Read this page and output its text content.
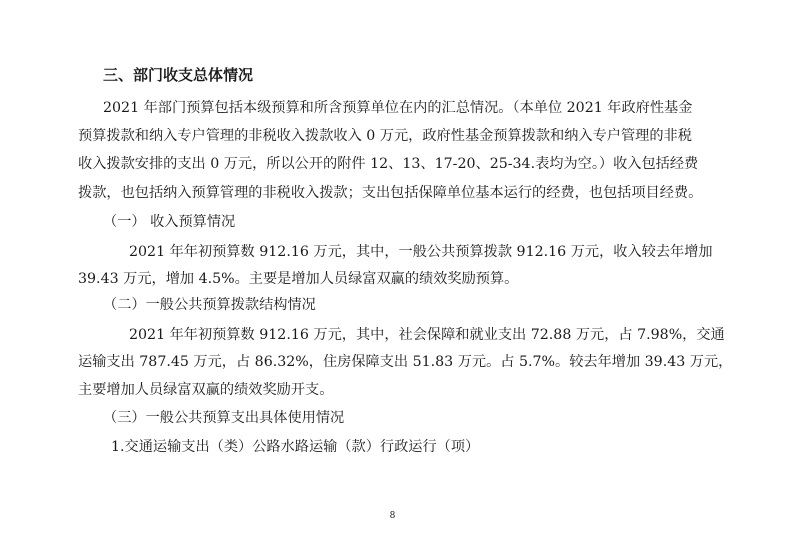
三、部门收支总体情况
2021 年部门预算包括本级预算和所含预算单位在内的汇总情况。（本单位 2021 年政府性基金
预算拨款和纳入专户管理的非税收入拨款收入 0 万元，政府性基金预算拨款和纳入专户管理的非税
收入拨款安排的支出 0 万元，所以公开的附件 12、13、17-20、25-34.表均为空。）收入包括经费
拨款，也包括纳入预算管理的非税收入拨款；支出包括保障单位基本运行的经费，也包括项目经费。
（一） 收入预算情况
2021 年年初预算数 912.16 万元，其中，一般公共预算拨款 912.16 万元，收入较去年增加
39.43 万元，增加 4.5%。主要是增加人员绿富双赢的绩效奖励预算。
（二）一般公共预算拨款结构情况
2021 年年初预算数 912.16 万元，其中，社会保障和就业支出 72.88 万元，占 7.98%，交通
运输支出 787.45 万元，占 86.32%，住房保障支出 51.83 万元。占 5.7%。较去年增加 39.43 万元，
主要增加人员绿富双赢的绩效奖励开支。
（三）一般公共预算支出具体使用情况
1.交通运输支出（类）公路水路运输（款）行政运行（项）
8
